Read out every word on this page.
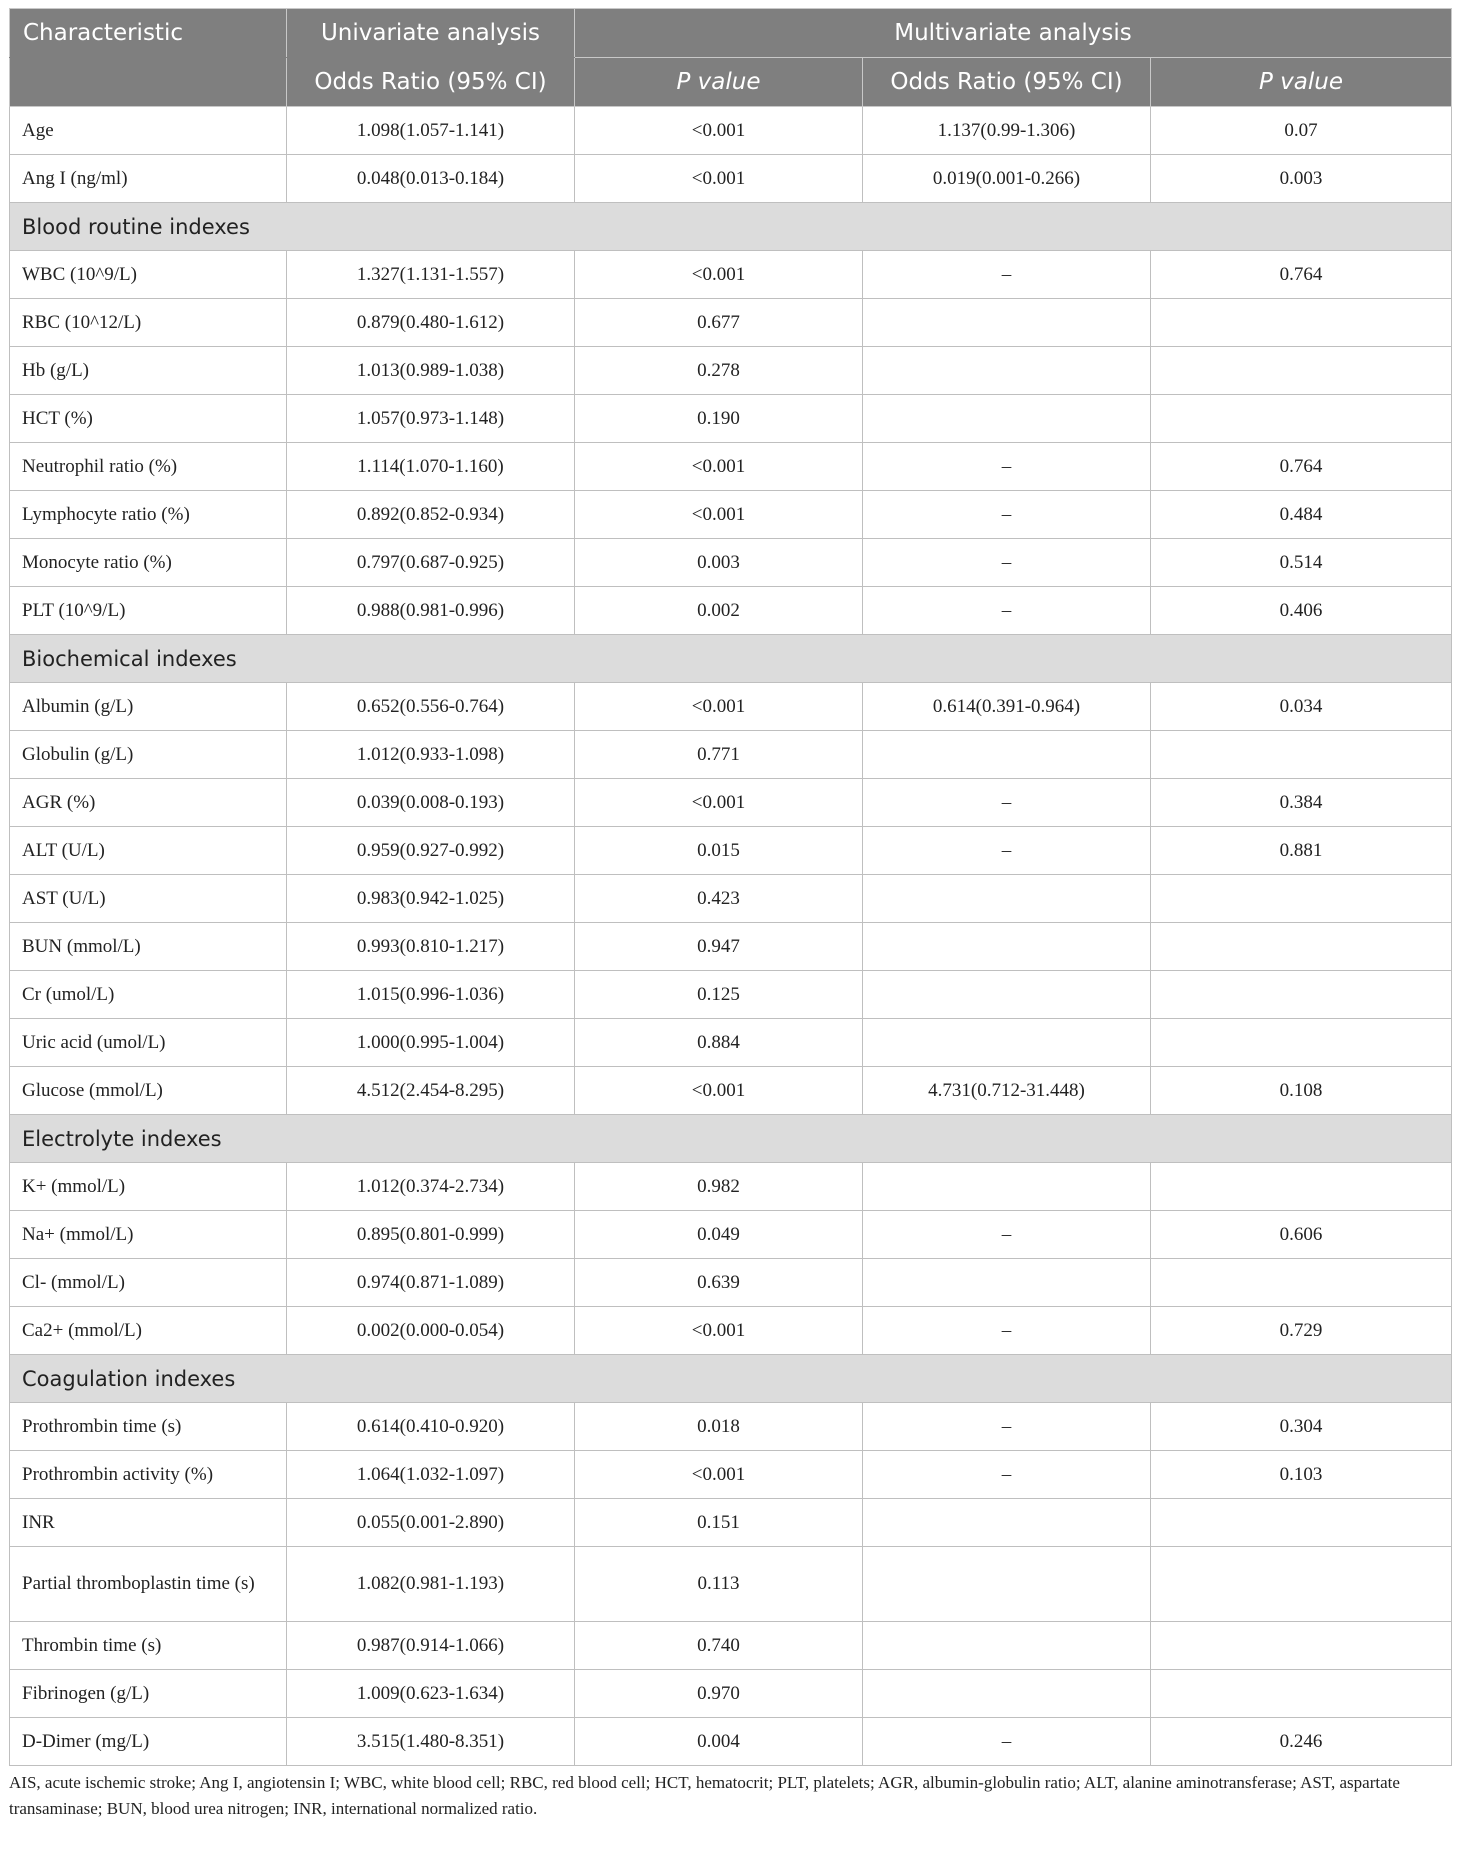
Characteristic	Univariate analysis	Multivariate analysis		
	Odds Ratio (95% CI)	P value	Odds Ratio (95% CI)	P value
Age	1.098(1.057-1.141)	<0.001	1.137(0.99-1.306)	0.07
Ang I (ng/ml)	0.048(0.013-0.184)	<0.001	0.019(0.001-0.266)	0.003
Blood routine indexes				
WBC (10^9/L)	1.327(1.131-1.557)	<0.001	–	0.764
RBC (10^12/L)	0.879(0.480-1.612)	0.677		
Hb (g/L)	1.013(0.989-1.038)	0.278		
HCT (%)	1.057(0.973-1.148)	0.190		
Neutrophil ratio (%)	1.114(1.070-1.160)	<0.001	–	0.764
Lymphocyte ratio (%)	0.892(0.852-0.934)	<0.001	–	0.484
Monocyte ratio (%)	0.797(0.687-0.925)	0.003	–	0.514
PLT (10^9/L)	0.988(0.981-0.996)	0.002	–	0.406
Biochemical indexes				
Albumin (g/L)	0.652(0.556-0.764)	<0.001	0.614(0.391-0.964)	0.034
Globulin (g/L)	1.012(0.933-1.098)	0.771		
AGR (%)	0.039(0.008-0.193)	<0.001	–	0.384
ALT (U/L)	0.959(0.927-0.992)	0.015	–	0.881
AST (U/L)	0.983(0.942-1.025)	0.423		
BUN (mmol/L)	0.993(0.810-1.217)	0.947		
Cr (umol/L)	1.015(0.996-1.036)	0.125		
Uric acid (umol/L)	1.000(0.995-1.004)	0.884		
Glucose (mmol/L)	4.512(2.454-8.295)	<0.001	4.731(0.712-31.448)	0.108
Electrolyte indexes				
K+ (mmol/L)	1.012(0.374-2.734)	0.982		
Na+ (mmol/L)	0.895(0.801-0.999)	0.049	–	0.606
Cl- (mmol/L)	0.974(0.871-1.089)	0.639		
Ca2+ (mmol/L)	0.002(0.000-0.054)	<0.001	–	0.729
Coagulation indexes				
Prothrombin time (s)	0.614(0.410-0.920)	0.018	–	0.304
Prothrombin activity (%)	1.064(1.032-1.097)	<0.001	–	0.103
INR	0.055(0.001-2.890)	0.151		
Partial thromboplastin time (s)	1.082(0.981-1.193)	0.113		
Thrombin time (s)	0.987(0.914-1.066)	0.740		
Fibrinogen (g/L)	1.009(0.623-1.634)	0.970		
D-Dimer (mg/L)	3.515(1.480-8.351)	0.004	–	0.246
AIS, acute ischemic stroke; Ang I, angiotensin I; WBC, white blood cell; RBC, red blood cell; HCT, hematocrit; PLT, platelets; AGR, albumin-globulin ratio; ALT, alanine aminotransferase; AST, aspartate transaminase; BUN, blood urea nitrogen; INR, international normalized ratio.
